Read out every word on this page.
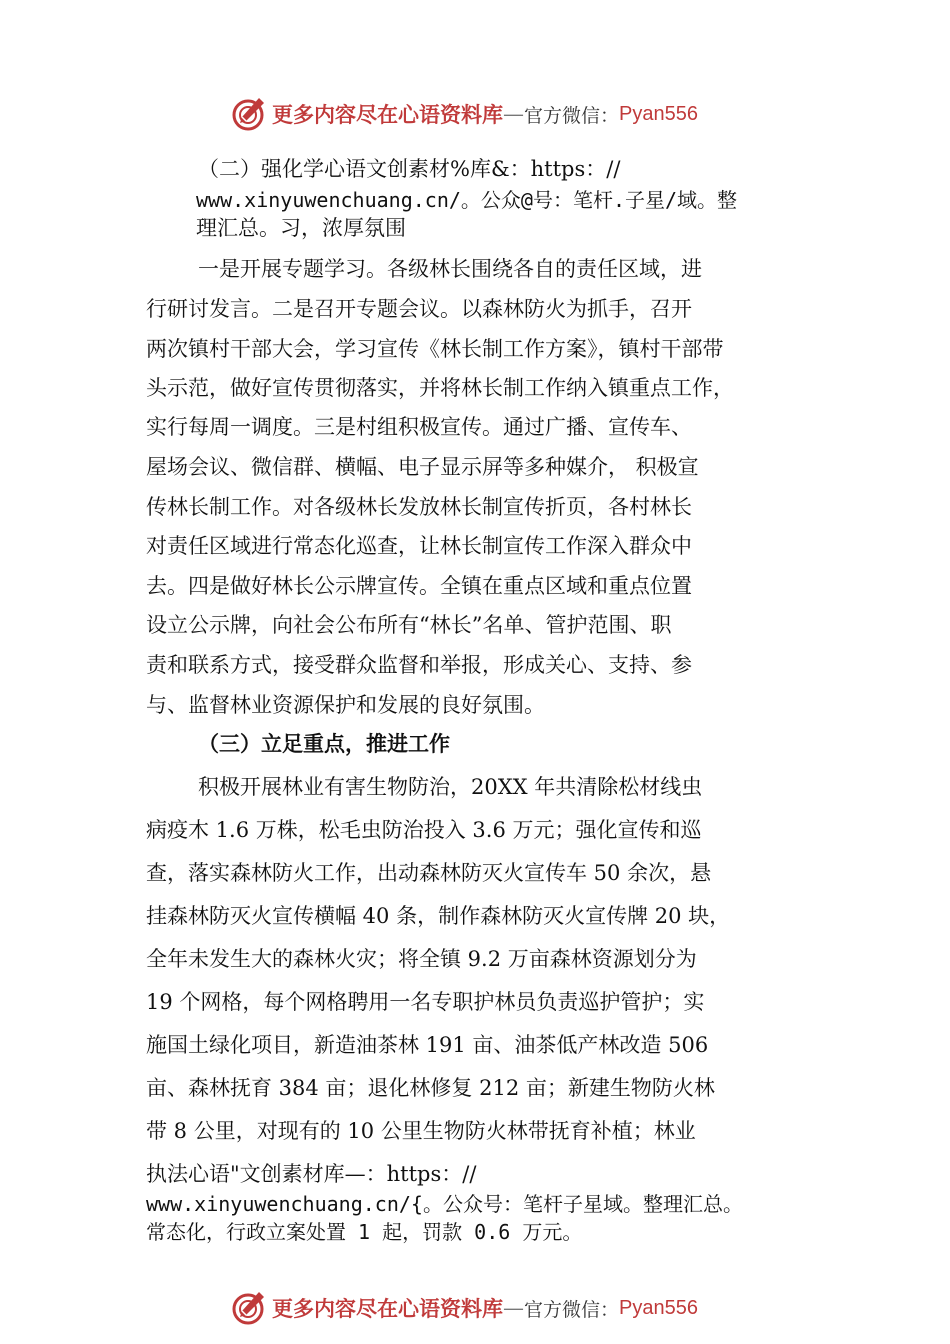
更多内容尽在心语资料库 — 官方微信： Pyan556

（二）强化学心语文创素材%库&：https：//

www.xinyuwenchuang.cn/。公众@号：笔杆.子星/域。整

理汇总。习，浓厚氛围

一是开展专题学习。各级林长围绕各自的责任区域，进

行研讨发言。二是召开专题会议。以森林防火为抓手，召开

两次镇村干部大会，学习宣传《林长制工作方案》，镇村干部带

头示范，做好宣传贯彻落实，并将林长制工作纳入镇重点工作，

实行每周一调度。三是村组积极宣传。通过广播、宣传车、

屋场会议、微信群、横幅、电子显示屏等多种媒介， 积极宣

传林长制工作。对各级林长发放林长制宣传折页，各村林长

对责任区域进行常态化巡查，让林长制宣传工作深入群众中

去。四是做好林长公示牌宣传。全镇在重点区域和重点位置

设立公示牌，向社会公布所有“林长”名单、管护范围、职

责和联系方式，接受群众监督和举报，形成关心、支持、参

与、监督林业资源保护和发展的良好氛围。

（三）立足重点，推进工作

积极开展林业有害生物防治，20XX 年共清除松材线虫

病疫木 1.6 万株，松毛虫防治投入 3.6 万元；强化宣传和巡

查，落实森林防火工作，出动森林防灭火宣传车 50 余次，悬

挂森林防灭火宣传横幅 40 条，制作森林防灭火宣传牌 20 块，

全年未发生大的森林火灾；将全镇 9.2 万亩森林资源划分为

19 个网格，每个网格聘用一名专职护林员负责巡护管护；实

施国土绿化项目，新造油茶林 191 亩、油茶低产林改造 506

亩、森林抚育 384 亩；退化林修复 212 亩；新建生物防火林

带 8 公里，对现有的 10 公里生物防火林带抚育补植；林业

执法心语"文创素材库—：https：//

www.xinyuwenchuang.cn/{。公众号：笔杆子星域。整理汇总。

常态化，行政立案处置 1 起，罚款 0.6 万元。

更多内容尽在心语资料库 — 官方微信： Pyan556
